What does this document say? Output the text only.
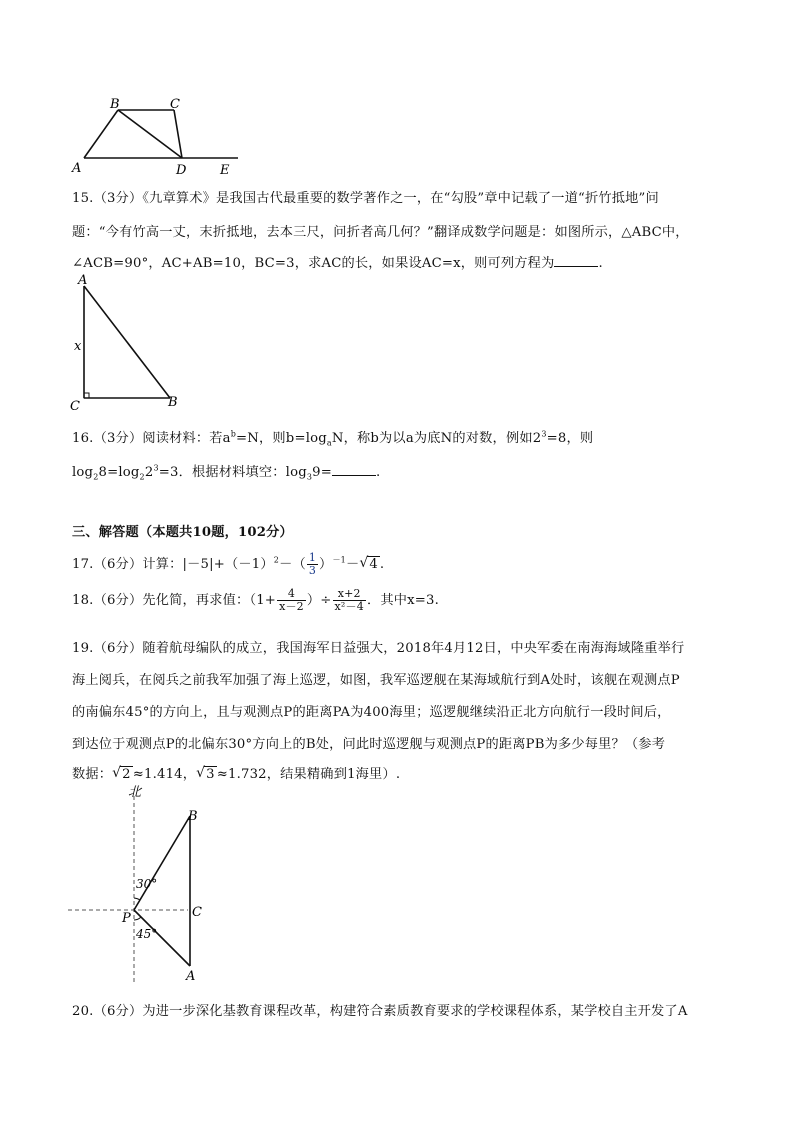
B	C
A	D	E
15.（3分）《九章算术》是我国古代最重要的数学著作之一，在“勾股”章中记载了一道“折竹抵地”问
题：“今有竹高一丈，末折抵地，去本三尺，问折者高几何？”翻译成数学问题是：如图所示，△ABC中，
∠ACB=90°，AC+AB=10，BC=3，求AC的长，如果设AC=x，则可列方程为	.
A
x
C	B
16.（3分）阅读材料：若$a^b=N$，则$b=\log_aN$，称b为以a为底N的对数，例如$2^3=8$，则
$\log_28=\log_22^3=3$．根据材料填空：$\log_39=$	.
三、解答题（本题共10题，102分）
17.（6分）计算：$|-5|+(-1)^2-( \frac{1}{3} )^{-1}-$ √ 4 .
18.（6分）先化简，再求值：（$1+ \frac{4}{x-2}$ ）÷ $\frac{x+2}{\text{x²－4}}$ ．其中x=3.
19.（6分）随着航母编队的成立，我国海军日益强大，2018年4月12日，中央军委在南海海域隆重举行
海上阅兵，在阅兵之前我军加强了海上巡逻，如图，我军巡逻舰在某海域航行到A处时，该舰在观测点P
的南偏东45°的方向上，且与观测点P的距离PA为400海里；巡逻舰继续沿正北方向航行一段时间后，
到达位于观测点P的北偏东30°方向上的B处，问此时巡逻舰与观测点P的距离PB为多少每里？（参考
数据： √ 2 ≈1.414， √ 3 ≈1.732，结果精确到1海里）.
北
B
C
P
A
30°
45°
20.（6分）为进一步深化基教育课程改革，构建符合素质教育要求的学校课程体系，某学校自主开发了A
